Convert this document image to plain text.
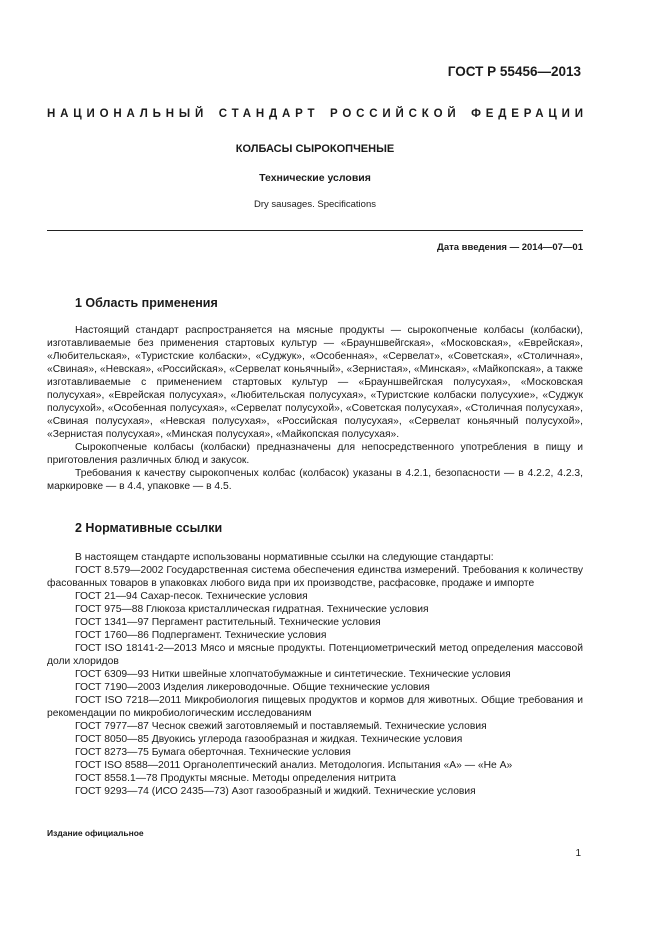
ГОСТ Р 55456—2013
НАЦИОНАЛЬНЫЙ СТАНДАРТ РОССИЙСКОЙ ФЕДЕРАЦИИ
КОЛБАСЫ СЫРОКОПЧЕНЫЕ
Технические условия
Dry sausages. Specifications
Дата введения — 2014—07—01
1 Область применения

Настоящий стандарт распространяется на мясные продукты — сырокопченые колбасы (колбаски), изготавливаемые без применения стартовых культур — «Брауншвейгская», «Московская», «Еврейская», «Любительская», «Туристские колбаски», «Суджук», «Особенная», «Сервелат», «Советская», «Столичная», «Свиная», «Невская», «Российская», «Сервелат коньячный», «Зернистая», «Минская», «Майкопская», а также изготавливаемые с применением стартовых культур — «Брауншвейгская полусухая», «Московская полусухая», «Еврейская полусухая», «Любительская полусухая», «Туристские колбаски полусухие», «Суджук полусухой», «Особенная полусухая», «Сервелат полусухой», «Советская полусухая», «Столичная полусухая», «Свиная полусухая», «Невская полусухая», «Российская полусухая», «Сервелат коньячный полусухой», «Зернистая полусухая», «Минская полусухая», «Майкопская полусухая».

Сырокопченые колбасы (колбаски) предназначены для непосредственного употребления в пищу и приготовления различных блюд и закусок.

Требования к качеству сырокопченых колбас (колбасок) указаны в 4.2.1, безопасности — в 4.2.2, 4.2.3, маркировке — в 4.4, упаковке — в 4.5.

2 Нормативные ссылки

В настоящем стандарте использованы нормативные ссылки на следующие стандарты:

ГОСТ 8.579—2002 Государственная система обеспечения единства измерений. Требования к количеству фасованных товаров в упаковках любого вида при их производстве, расфасовке, продаже и импорте

ГОСТ 21—94 Сахар-песок. Технические условия

ГОСТ 975—88 Глюкоза кристаллическая гидратная. Технические условия

ГОСТ 1341—97 Пергамент растительный. Технические условия

ГОСТ 1760—86 Подпергамент. Технические условия

ГОСТ ISO 18141-2—2013 Мясо и мясные продукты. Потенциометрический метод определения массовой доли хлоридов

ГОСТ 6309—93 Нитки швейные хлопчатобумажные и синтетические. Технические условия

ГОСТ 7190—2003 Изделия ликероводочные. Общие технические условия

ГОСТ ISO 7218—2011 Микробиология пищевых продуктов и кормов для животных. Общие требования и рекомендации по микробиологическим исследованиям

ГОСТ 7977—87 Чеснок свежий заготовляемый и поставляемый. Технические условия

ГОСТ 8050—85 Двуокись углерода газообразная и жидкая. Технические условия

ГОСТ 8273—75 Бумага оберточная. Технические условия

ГОСТ ISO 8588—2011 Органолептический анализ. Методология. Испытания «А» — «Не А»

ГОСТ 8558.1—78 Продукты мясные. Методы определения нитрита

ГОСТ 9293—74 (ИСО 2435—73) Азот газообразный и жидкий. Технические условия

Издание официальное
1
